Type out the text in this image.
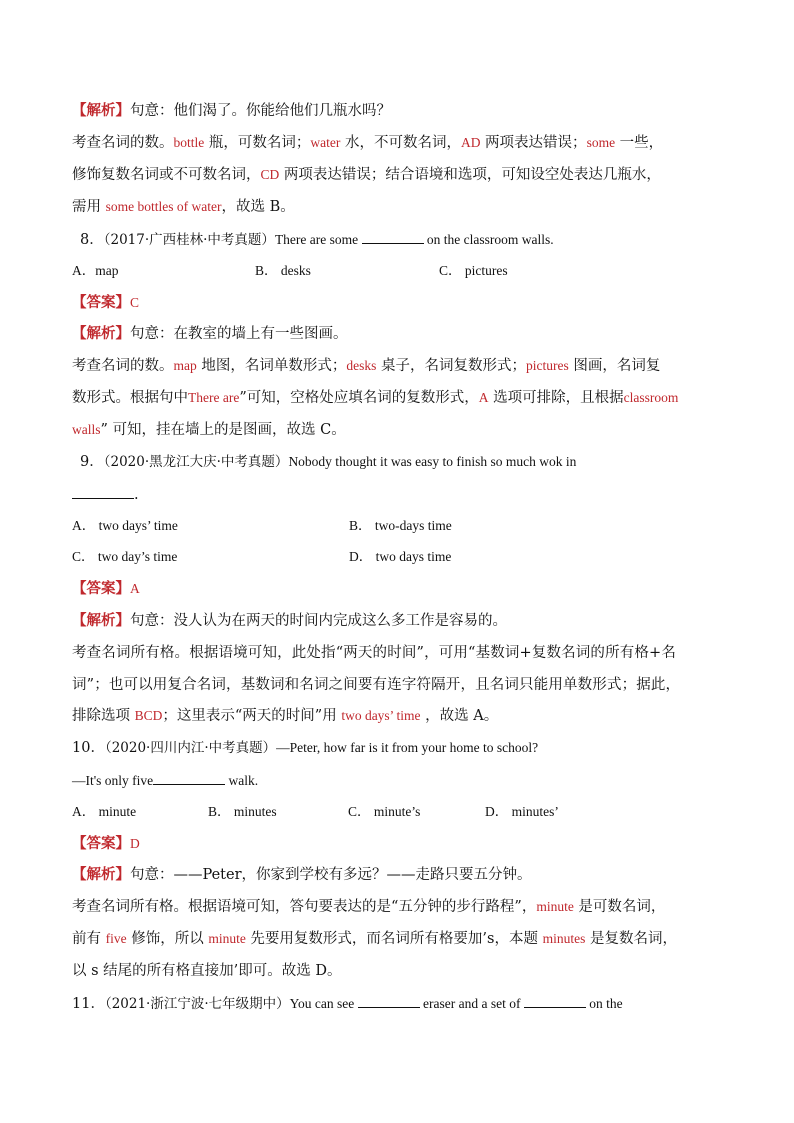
【解析】句意：他们渴了。你能给他们几瓶水吗？
考查名词的数。bottle 瓶，可数名词；water 水，不可数名词，AD 两项表达错误；some 一些，
修饰复数名词或不可数名词，CD 两项表达错误；结合语境和选项，可知设空处表达几瓶水，
需用 some bottles of water，故选 B。
8．（2017·广西桂林·中考真题）There are some	on the classroom walls.
A．map	B． desks	C． pictures
【答案】C
【解析】句意：在教室的墙上有一些图画。
考查名词的数。map 地图，名词单数形式；desks 桌子，名词复数形式；pictures 图画，名词复
数形式。根据句中There are”可知，空格处应填名词的复数形式，A 选项可排除，且根据classroom
walls” 可知，挂在墙上的是图画，故选 C。
9．（2020·黑龙江大庆·中考真题）Nobody thought it was easy to finish so much wok in
.
A． two days’ time	B． two-days time
C． two day’s time	D． two days time
【答案】A
【解析】句意：没人认为在两天的时间内完成这么多工作是容易的。
考查名词所有格。根据语境可知，此处指“两天的时间”，可用“基数词+复数名词的所有格+名
词”；也可以用复合名词，基数词和名词之间要有连字符隔开，且名词只能用单数形式；据此，
排除选项 BCD；这里表示“两天的时间”用 two days’ time ，故选 A。
10．（2020·四川内江·中考真题）—Peter, how far is it from your home to school?
—It's only five	walk.
A． minute	B． minutes	C． minute’s	D． minutes’
【答案】D
【解析】句意：——Peter，你家到学校有多远？——走路只要五分钟。
考查名词所有格。根据语境可知，答句要表达的是“五分钟的步行路程”，minute 是可数名词，
前有 five 修饰，所以 minute 先要用复数形式，而名词所有格要加’s，本题 minutes 是复数名词，
以 s 结尾的所有格直接加’即可。故选 D。
11．（2021·浙江宁波·七年级期中）You can see	eraser and a set of	on the
